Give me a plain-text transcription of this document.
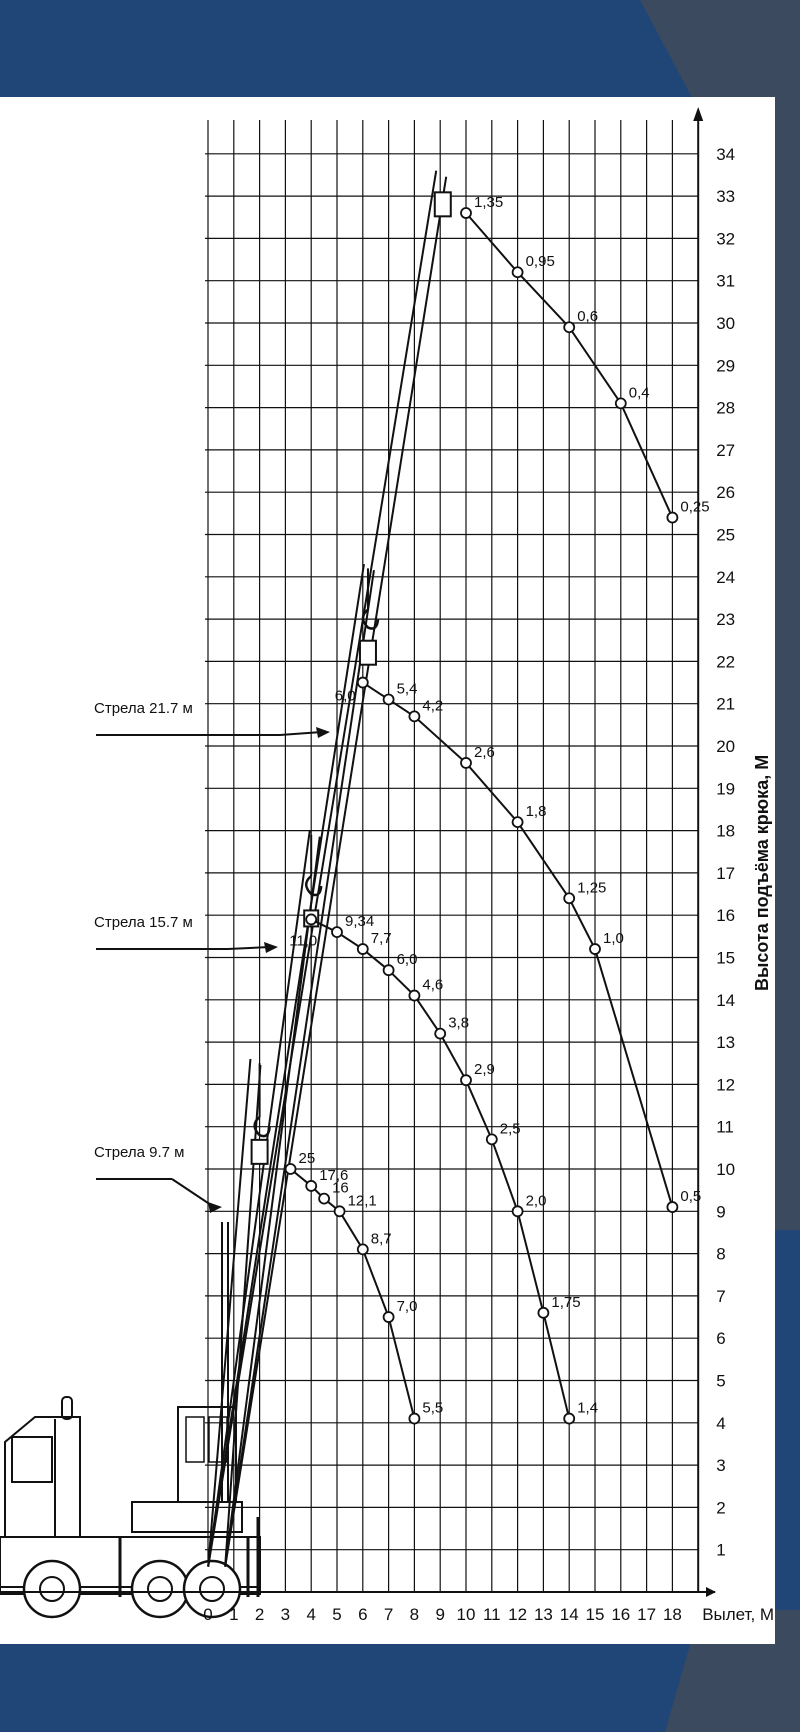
25
17,6
16
12,1
8,7
7,0
5,5
11,0
9,34
7,7
6,0
4,6
3,8
2,9
2,5
2,0
1,75
1,4
6,0	5,4
4,2
2,6
1,8
1,25
1,0
0,5
1,35
0,95
0,6
0,4
0,25
0 1 2 3 4 5 6 7 8 9 10 11 12 13 14 15 16 17 18 Вылет, М
1
2
3
4
5
6
7
8
9
10
11
12
13
14
15
16
17
18
19
20
21
22
23
24
25
26
27
28
29
30
31
32
33
34
Высота подъёма крюка, М
Стрела 9.7 м
Стрела 15.7 м
Стрела 21.7 м
